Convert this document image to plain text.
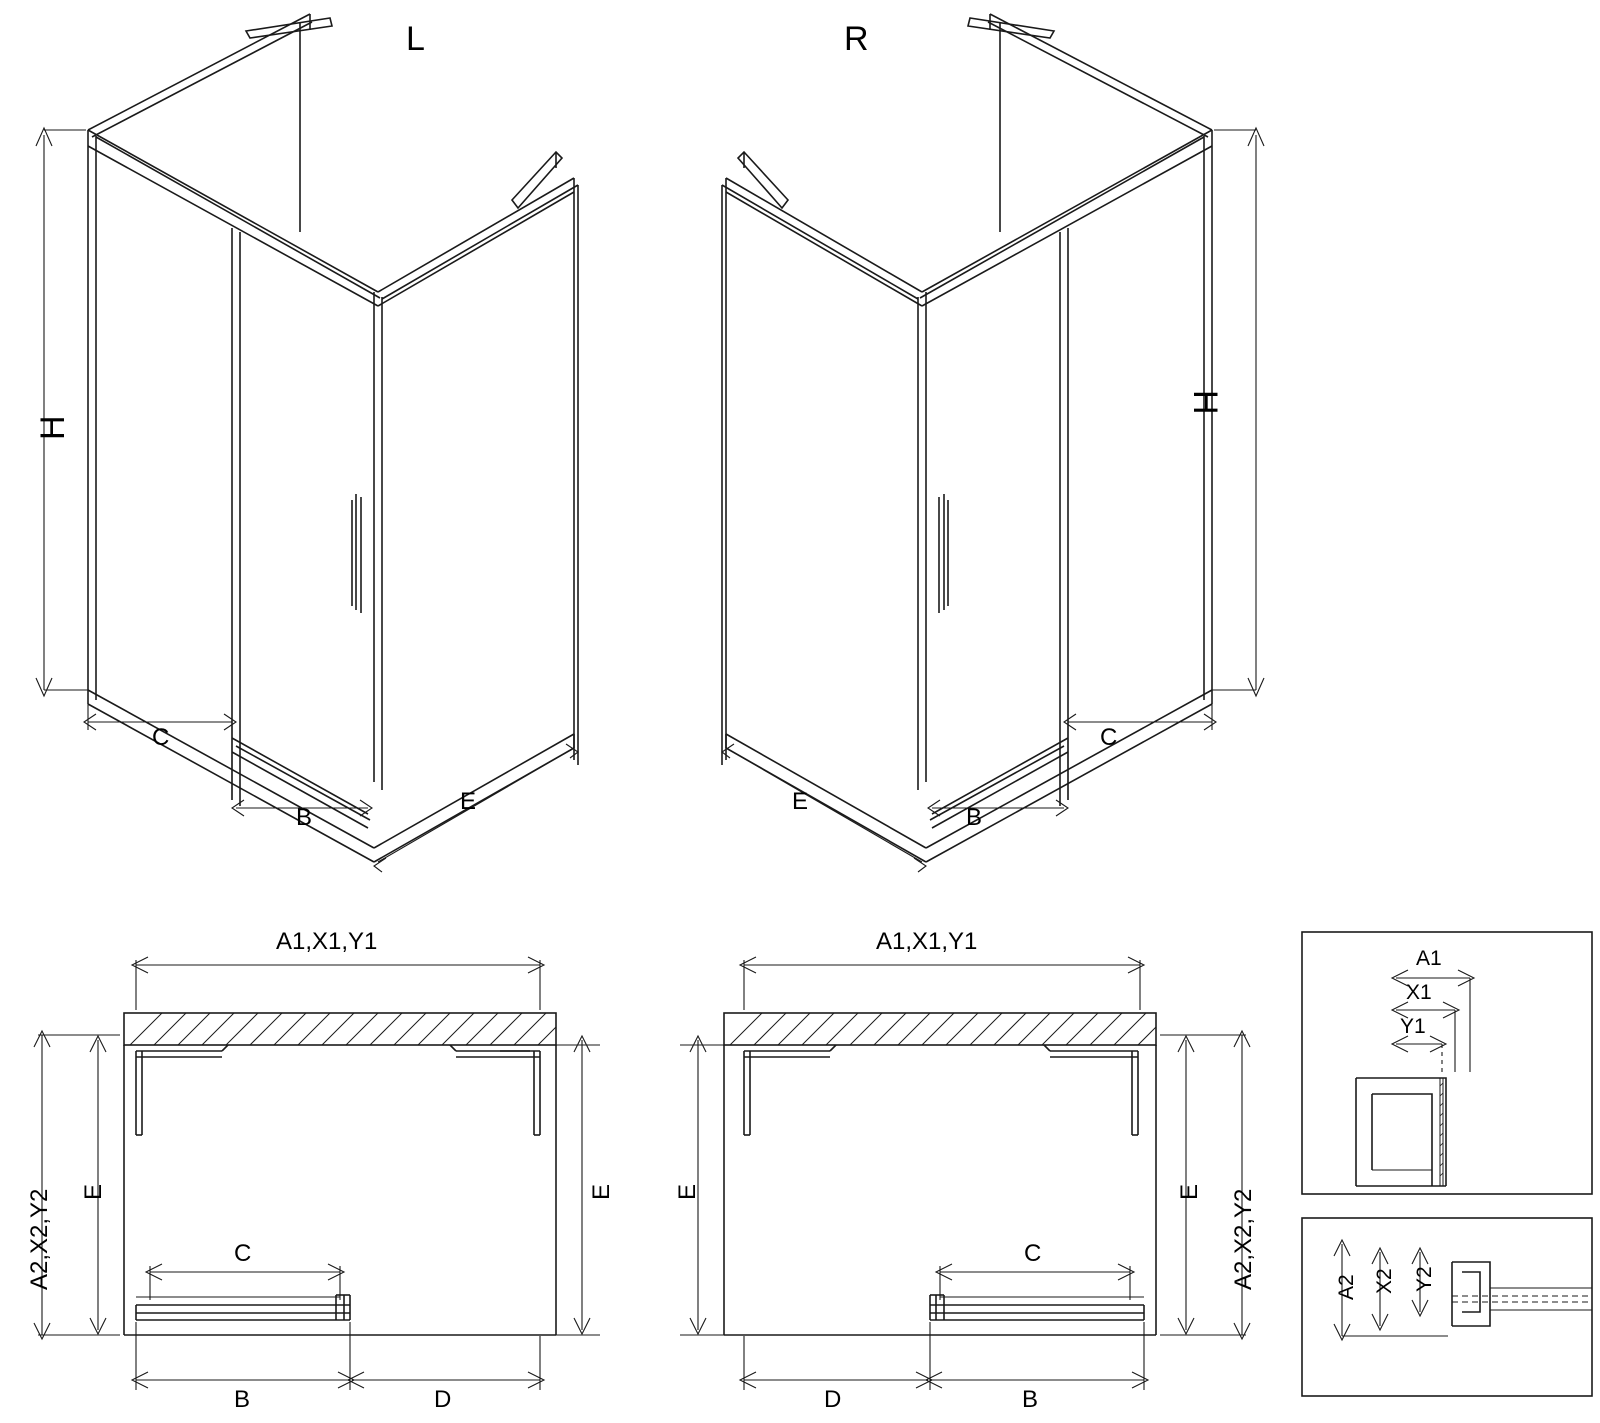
L	R
H
H
C
B
E
C
B
E
A1,X1,Y1
A2,X2,Y2 E	E
C
B	D
A1,X1,Y1
A2,X2,Y2
E	E
C
B
D
A1
X1
Y1
A2 X2 Y2
